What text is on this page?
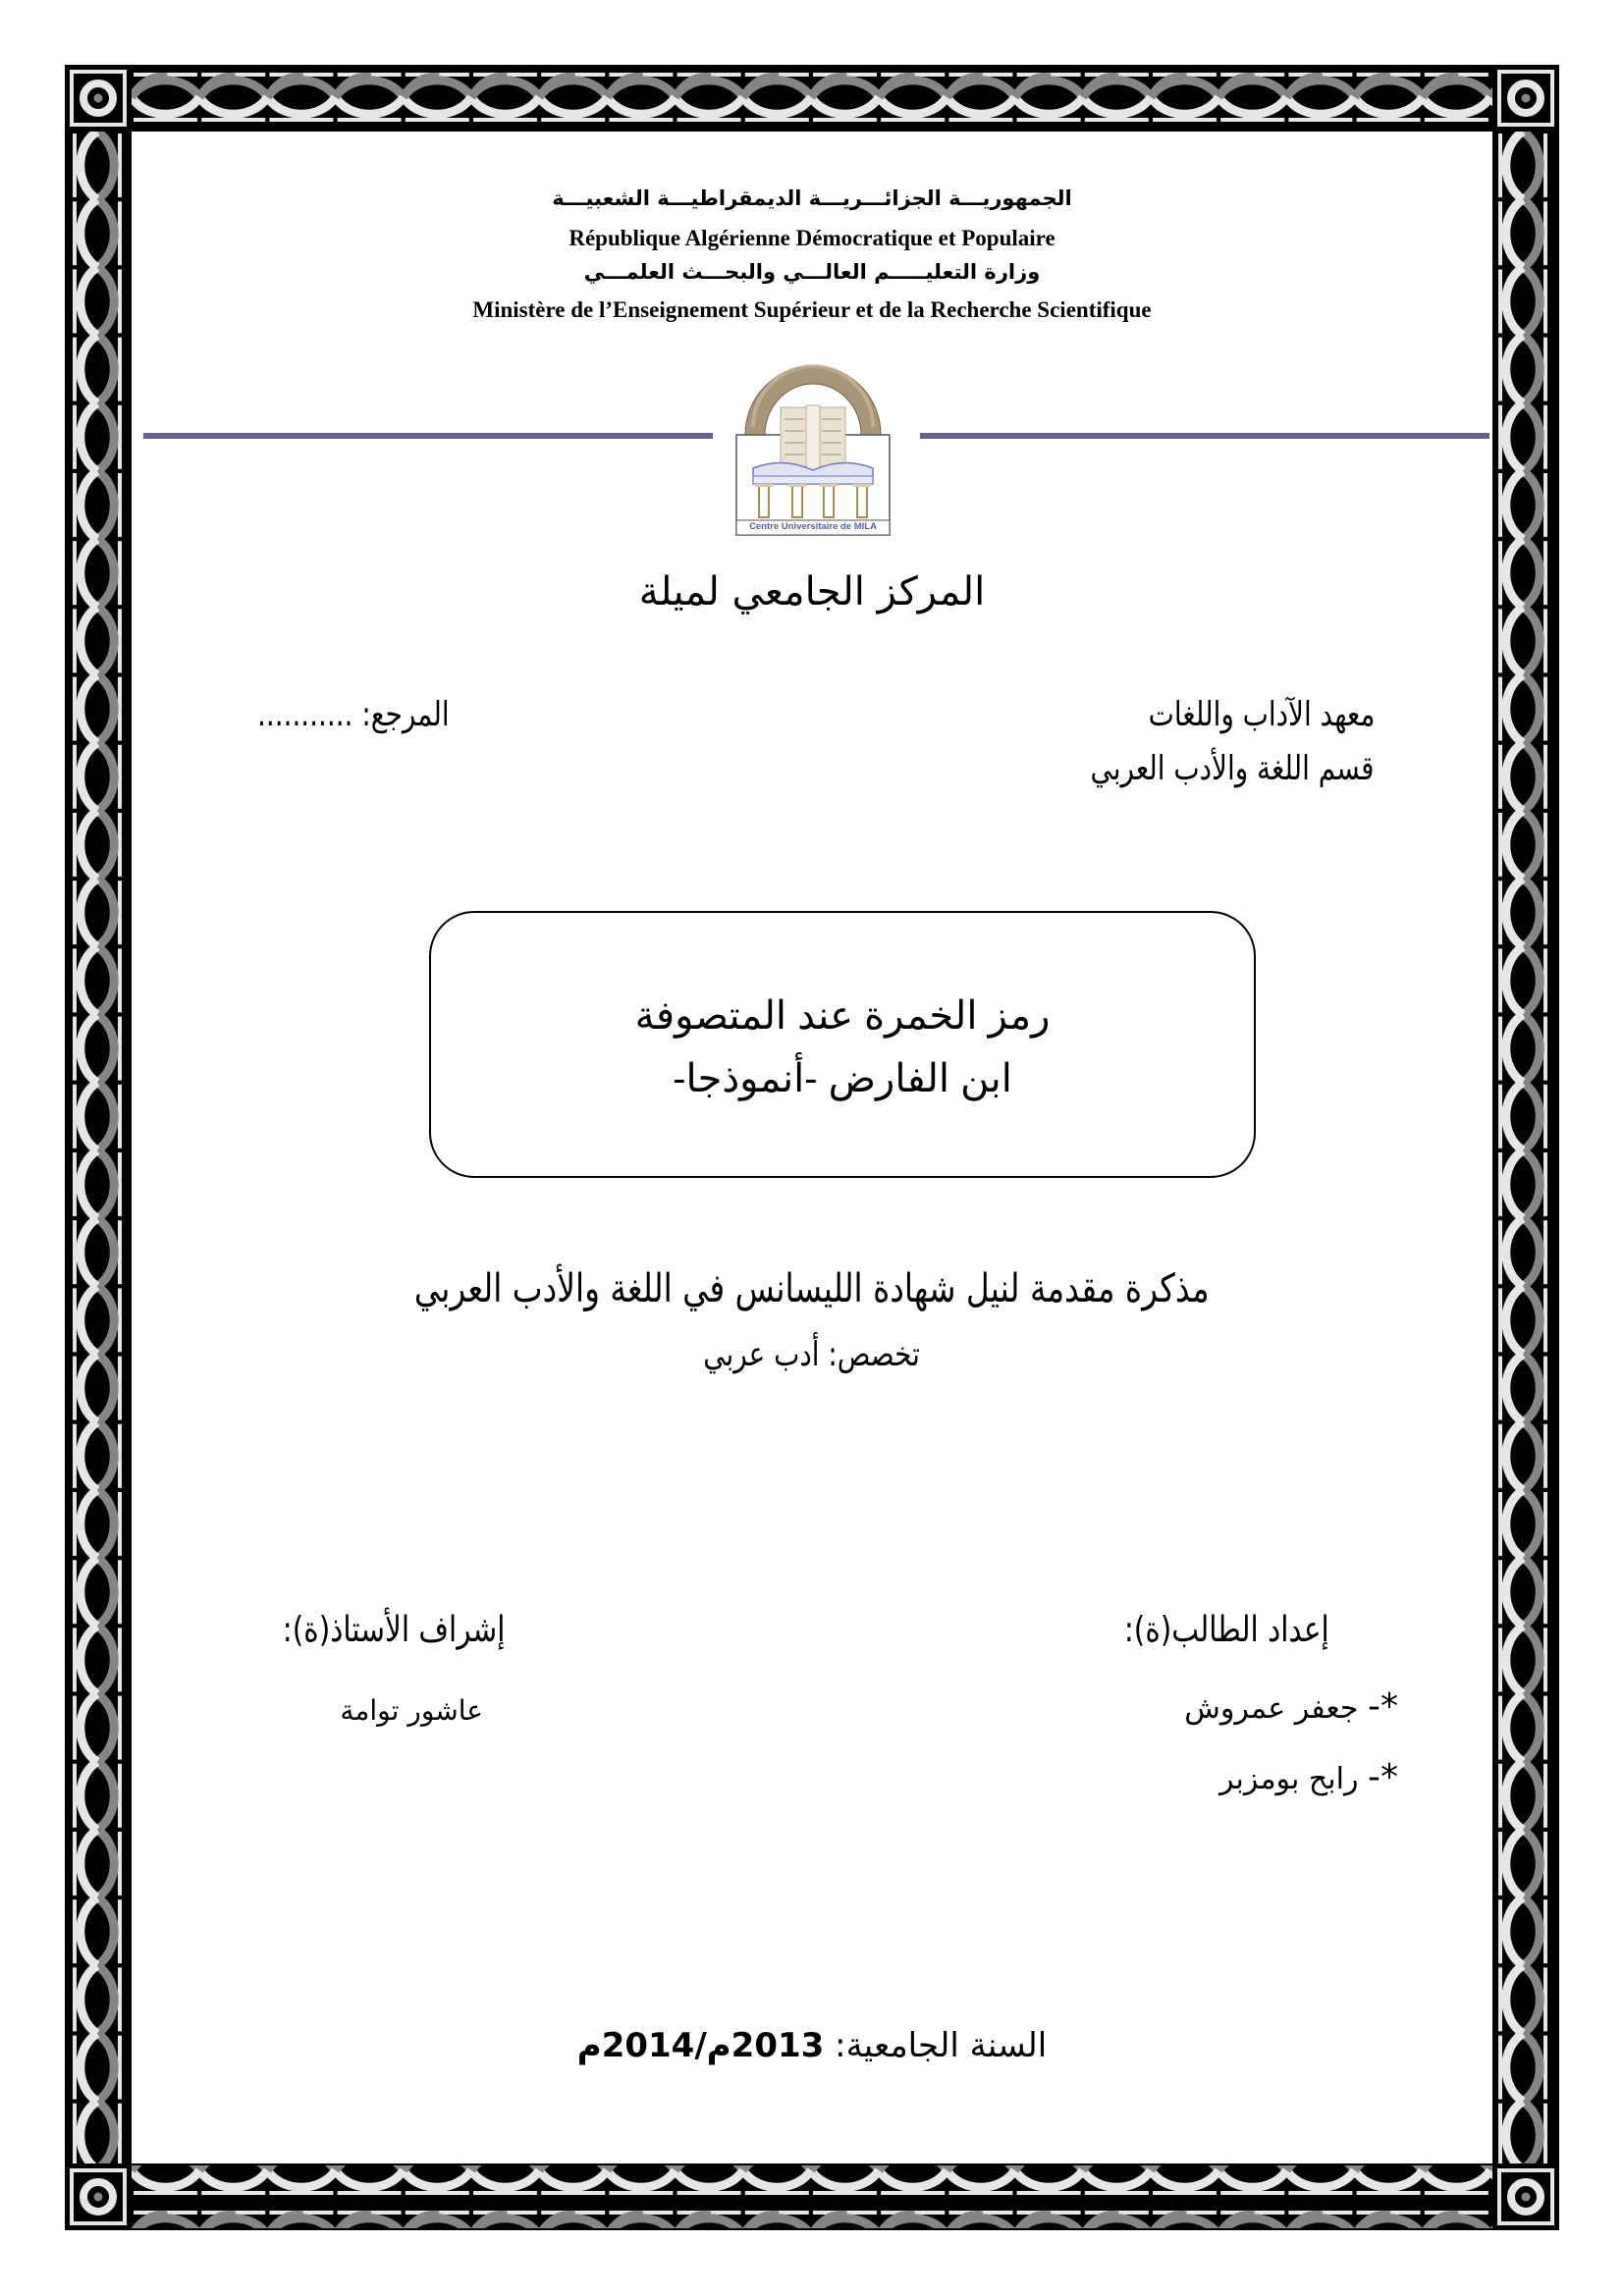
الجمهوريـــة الجزائـــريـــة الديمقراطيـــة الشعبيـــة
République Algérienne Démocratique et Populaire
وزارة التعليـــــم العالـــي والبحـــث العلمـــي
Ministère de l’Enseignement Supérieur et de la Recherche Scientifique
Centre Universitaire de MILA
المركز الجامعي لميلة
معهد الآداب واللغات
قسم اللغة والأدب العربي
المرجع: ...........
رمز الخمرة عند المتصوفة
ابن الفارض -أنموذجا-
مذكرة مقدمة لنيل شهادة الليسانس في اللغة والأدب العربي
تخصص: أدب عربي
إعداد الطالب(ة):
*- جعفر عمروش
*- رابح بومزبر
إشراف الأستاذ(ة):
عاشور توامة
السنة الجامعية: 2013م/2014م
